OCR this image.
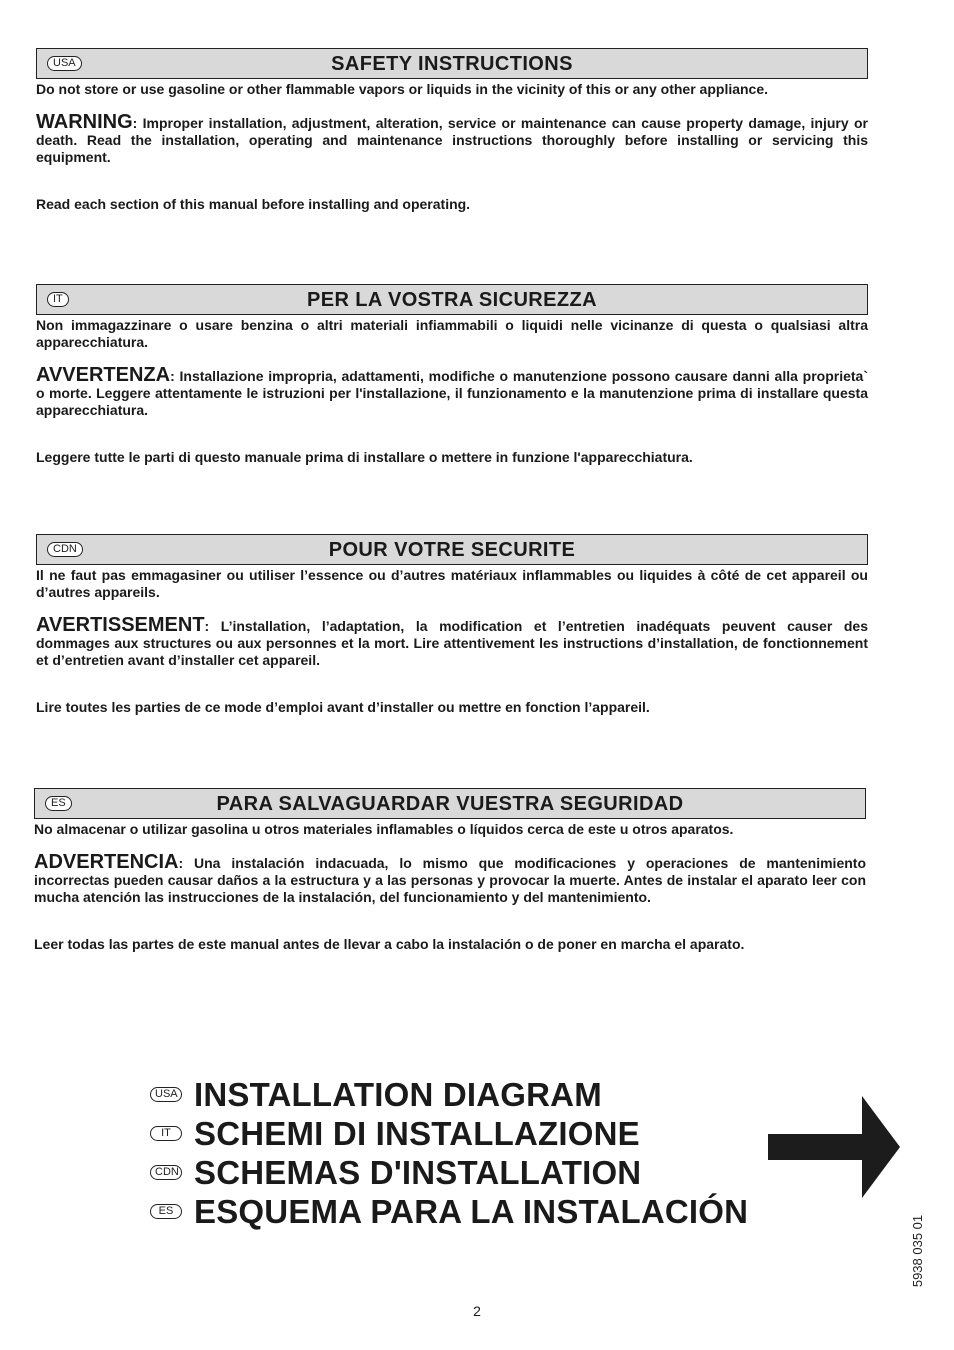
USA	SAFETY INSTRUCTIONS

Do not store or use gasoline or other flammable vapors or liquids in the vicinity of this or any other appliance.

WARNING: Improper installation, adjustment, alteration, service or maintenance can cause property damage, injury or death. Read the installation, operating and maintenance instructions thoroughly before installing or servicing this equipment.

Read each section of this manual before installing and operating.

IT	PER LA VOSTRA SICUREZZA

Non immagazzinare o usare benzina o altri materiali infiammabili o liquidi nelle vicinanze di questa o qualsiasi altra apparecchiatura.

AVVERTENZA: Installazione impropria, adattamenti, modifiche o manutenzione possono causare danni alla proprieta` o morte. Leggere attentamente le istruzioni per l'installazione, il funzionamento e la manutenzione prima di installare questa apparecchiatura.

Leggere tutte le parti di questo manuale prima di installare o mettere in funzione l'apparecchiatura.

CDN	POUR VOTRE SECURITE

Il ne faut pas emmagasiner ou utiliser l’essence ou d’autres matériaux inflammables ou liquides à côté de cet appareil ou d’autres appareils.

AVERTISSEMENT: L’installation, l’adaptation, la modification et l’entretien inadéquats peuvent causer des dommages aux structures ou aux personnes et la mort. Lire attentivement les instructions d’installation, de fonctionnement et d’entretien avant d’installer cet appareil.

Lire toutes les parties de ce mode d’emploi avant d’installer ou mettre en fonction l’appareil.

ES	PARA SALVAGUARDAR VUESTRA SEGURIDAD

No almacenar o utilizar gasolina u otros materiales inflamables o líquidos cerca de este u otros aparatos.

ADVERTENCIA: Una instalación indacuada, lo mismo que modificaciones y operaciones de mantenimiento incorrectas pueden causar daños a la estructura y a las personas y provocar la muerte. Antes de instalar el aparato leer con mucha atención las instrucciones de la instalación, del funcionamiento y del mantenimiento.

Leer todas las partes de este manual antes de llevar a cabo la instalación o de poner en marcha el aparato.

USA INSTALLATION DIAGRAM
IT SCHEMI DI INSTALLAZIONE
CDN SCHEMAS D'INSTALLATION
ES ESQUEMA PARA LA INSTALACIÓN
5938 035 01
2
